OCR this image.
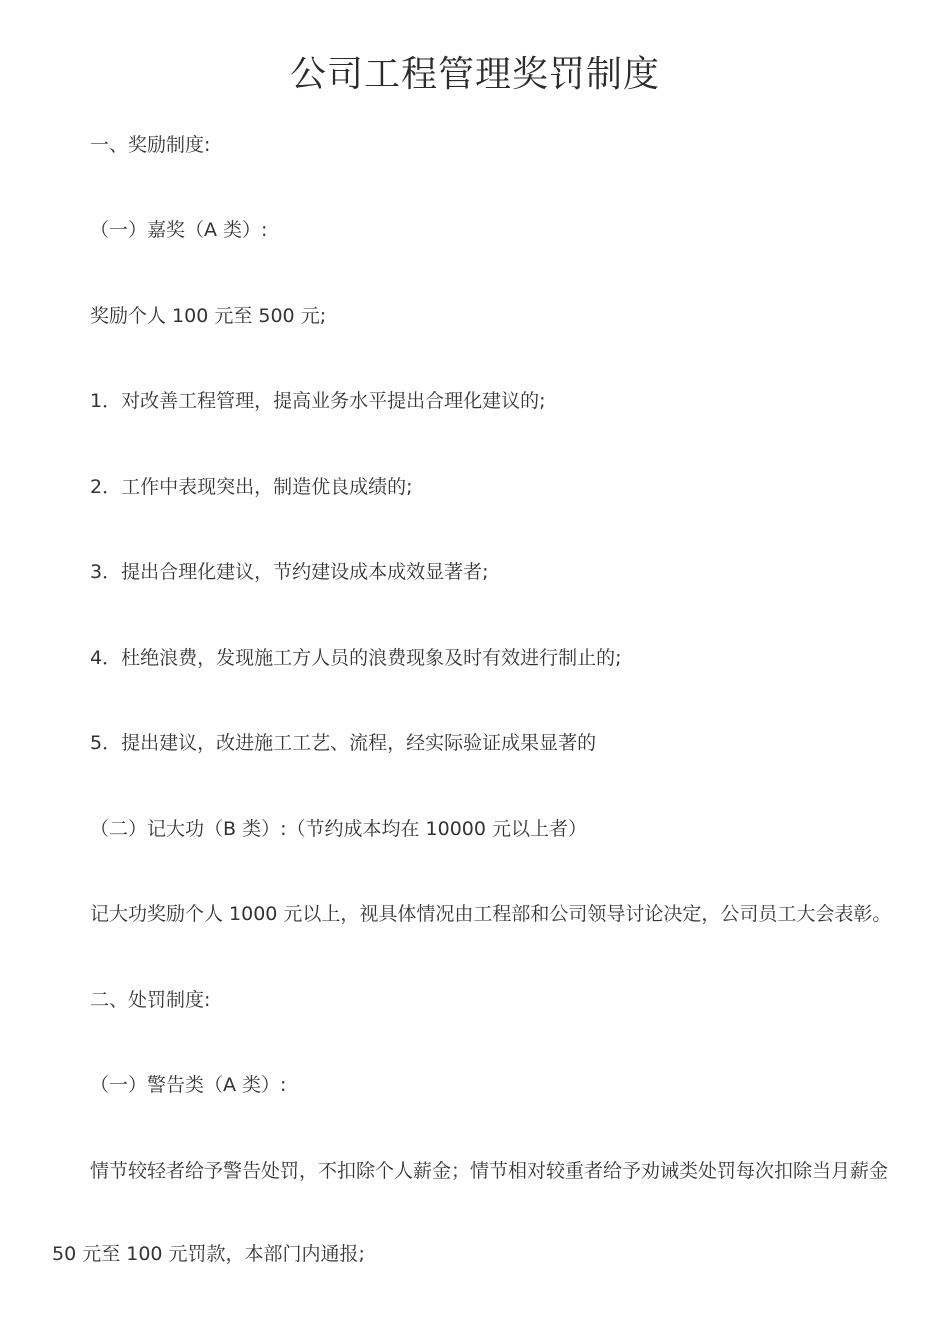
公司工程管理奖罚制度
一、奖励制度:
（一）嘉奖（A 类）:
奖励个人 100 元至 500 元;
1．对改善工程管理，提高业务水平提出合理化建议的;
2．工作中表现突出，制造优良成绩的;
3．提出合理化建议，节约建设成本成效显著者;
4．杜绝浪费，发现施工方人员的浪费现象及时有效进行制止的;
5．提出建议，改进施工工艺、流程，经实际验证成果显著的
（二）记大功（B 类）:（节约成本均在 10000 元以上者）
记大功奖励个人 1000 元以上，视具体情况由工程部和公司领导讨论决定，公司员工大会表彰。
二、处罚制度:
（一）警告类（A 类）:
情节较轻者给予警告处罚，不扣除个人薪金；情节相对较重者给予劝诫类处罚每次扣除当月薪金
50 元至 100 元罚款，本部门内通报;
